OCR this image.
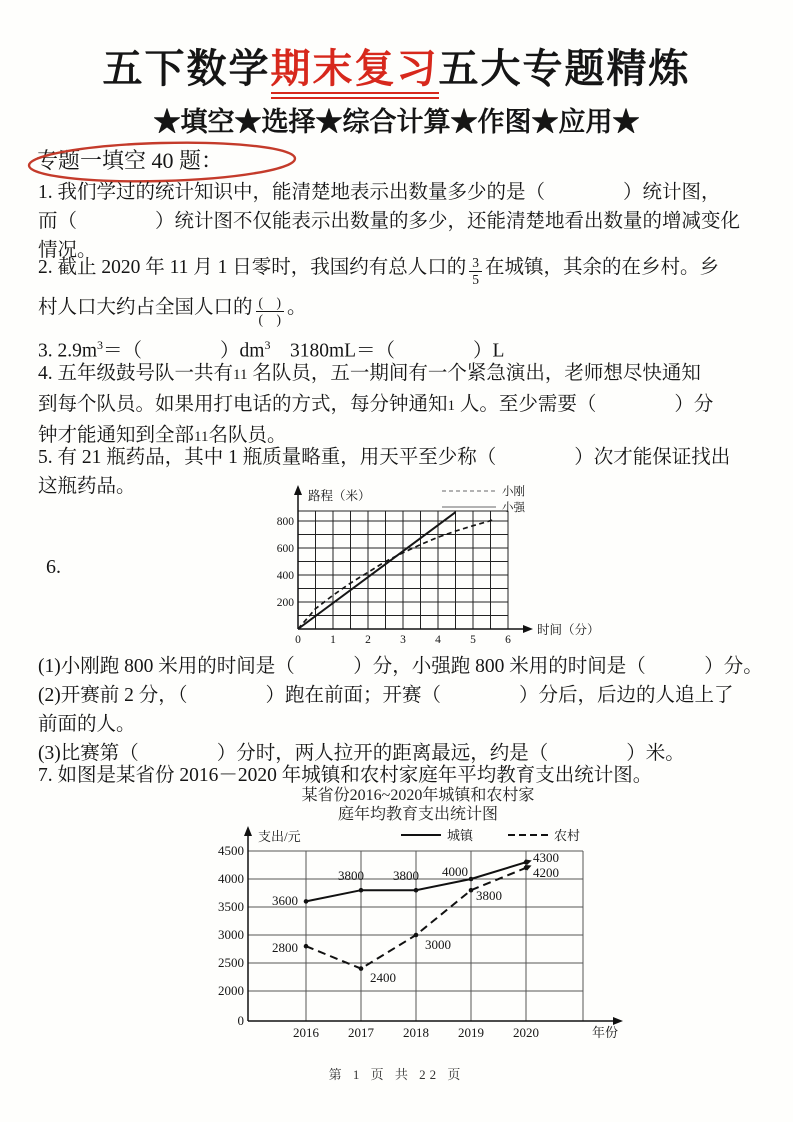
五下数学期末复习五大专题精炼
★填空★选择★综合计算★作图★应用★
专题一填空 40 题：
1. 我们学过的统计知识中，能清楚地表示出数量多少的是（　　　　）统计图，
而（　　　　）统计图不仅能表示出数量的多少，还能清楚地看出数量的增减变化
情况。
2. 截止 2020 年 11 月 1 日零时，我国约有总人口的 $\frac{3}{5}$ 在城镇，其余的在乡村。乡
村人口大约占全国人口的 $\frac{( )}{( )}$ 。
3. $2.9m^3=$（　　　　）$dm^3$　3180mL＝（　　　　）L
4. 五年级鼓号队一共有11 名队员，五一期间有一个紧急演出，老师想尽快通知
到每个队员。如果用打电话的方式，每分钟通知1 人。至少需要（　　　　）分
钟才能通知到全部11名队员。
5. 有 21 瓶药品，其中 1 瓶质量略重，用天平至少称（　　　　）次才能保证找出
这瓶药品。
6.
路程（米）
时间（分）
200
400
600
800
0	1	2	3	4	5	6
小刚
小强
(1)小刚跑 800 米用的时间是（　　　）分，小强跑 800 米用的时间是（　　　）分。
(2)开赛前 2 分，（　　　　）跑在前面；开赛（　　　　）分后，后边的人追上了
前面的人。
(3)比赛第（　　　　）分时，两人拉开的距离最远，约是（　　　　）米。
7. 如图是某省份 2016－2020 年城镇和农村家庭年平均教育支出统计图。
某省份2016~2020年城镇和农村家
庭年均教育支出统计图
支出/元
年份
0
2000
2500
3000
3500
4000
4500
2016 2017 2018 2019 2020
城镇	农村
3600
3800 3800 4000
4300
2800
2400
3000
3800
4200
第 1 页 共 22 页
